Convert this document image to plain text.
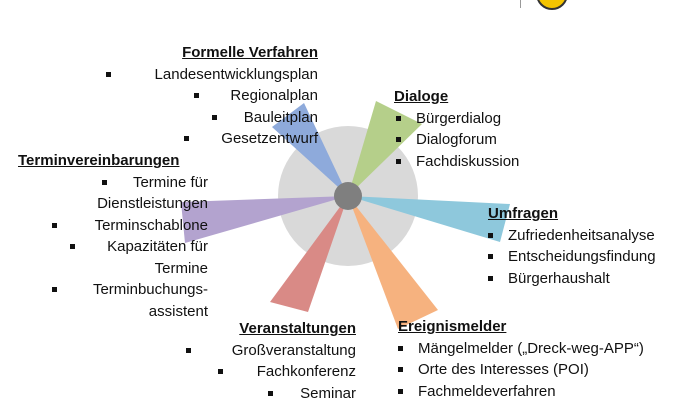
Formelle Verfahren
Landesentwicklungsplan
Regionalplan
Bauleitplan
Gesetzentwurf
Terminvereinbarungen
Termine für Dienstleistungen
Terminschablone
Kapazitäten für Termine
Terminbuchungs-assistent
Veranstaltungen
Großveranstaltung
Fachkonferenz
Seminar
Dialoge
Bürgerdialog
Dialogforum
Fachdiskussion
Umfragen
Zufriedenheitsanalyse
Entscheidungsfindung
Bürgerhaushalt
Ereignismelder
Mängelmelder („Dreck-weg-APP“)
Orte des Interesses (POI)
Fachmeldeverfahren
